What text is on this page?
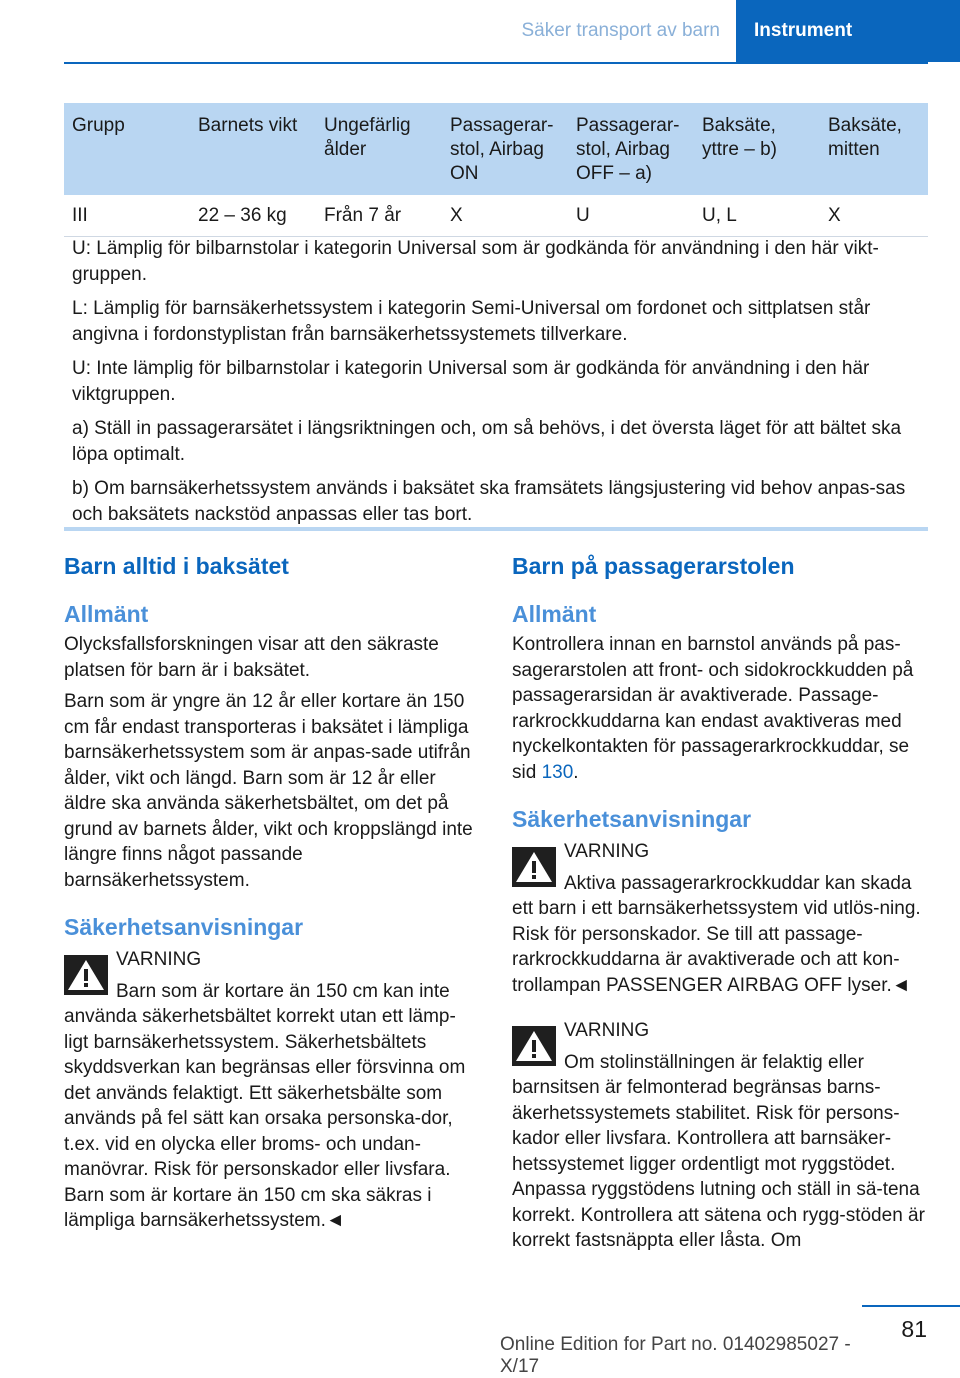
Säker transport av barn	Instrument
Grupp	Barnets vikt	Ungefärlig ålder	Passagerar-stol, Airbag ON	Passagerar-stol, Airbag OFF – a)	Baksäte, yttre – b)	Baksäte, mitten
III	22 – 36 kg	Från 7 år	X	U	U, L	X

U: Lämplig för bilbarnstolar i kategorin Universal som är godkända för användning i den här vikt-gruppen.

L: Lämplig för barnsäkerhetssystem i kategorin Semi-Universal om fordonet och sittplatsen står angivna i fordonstyplistan från barnsäkerhetssystemets tillverkare.

U: Inte lämplig för bilbarnstolar i kategorin Universal som är godkända för användning i den här viktgruppen.

a) Ställ in passagerarsätet i längsriktningen och, om så behövs, i det översta läget för att bältet ska löpa optimalt.

b) Om barnsäkerhetssystem används i baksätet ska framsätets längsjustering vid behov anpas-sas och baksätets nackstöd anpassas eller tas bort.

Barn alltid i baksätet
Allmänt

Olycksfallsforskningen visar att den säkraste platsen för barn är i baksätet.

Barn som är yngre än 12 år eller kortare än 150 cm får endast transporteras i baksätet i lämpliga barnsäkerhetssystem som är anpas-sade utifrån ålder, vikt och längd. Barn som är 12 år eller äldre ska använda säkerhetsbältet, om det på grund av barnets ålder, vikt och kroppslängd inte längre finns något passande barnsäkerhetssystem.

Säkerhetsanvisningar

VARNING

Barn som är kortare än 150 cm kan inte använda säkerhetsbältet korrekt utan ett lämp-ligt barnsäkerhetssystem. Säkerhetsbältets skyddsverkan kan begränsas eller försvinna om det används felaktigt. Ett säkerhetsbälte som används på fel sätt kan orsaka personska-dor, t.ex. vid en olycka eller broms- och undan-manövrar. Risk för personskador eller livsfara. Barn som är kortare än 150 cm ska säkras i lämpliga barnsäkerhetssystem.◄

Barn på passagerarstolen
Allmänt

Kontrollera innan en barnstol används på pas-sagerarstolen att front- och sidokrockkudden på passagerarsidan är avaktiverade. Passage-rarkrockkuddarna kan endast avaktiveras med nyckelkontakten för passagerarkrockkuddar, se sid 130.

Säkerhetsanvisningar

VARNING

Aktiva passagerarkrockkuddar kan skada ett barn i ett barnsäkerhetssystem vid utlös-ning. Risk för personskador. Se till att passage-rarkrockkuddarna är avaktiverade och att kon-trollampan PASSENGER AIRBAG OFF lyser.◄

VARNING

Om stolinställningen är felaktig eller barnsitsen är felmonterad begränsas barns-äkerhetssystemets stabilitet. Risk för persons-kador eller livsfara. Kontrollera att barnsäker-hetssystemet ligger ordentligt mot ryggstödet. Anpassa ryggstödens lutning och ställ in sä-tena korrekt. Kontrollera att sätena och rygg-stöden är korrekt fastsnäppta eller låsta. Om

81
Online Edition for Part no. 01402985027 - X/17
